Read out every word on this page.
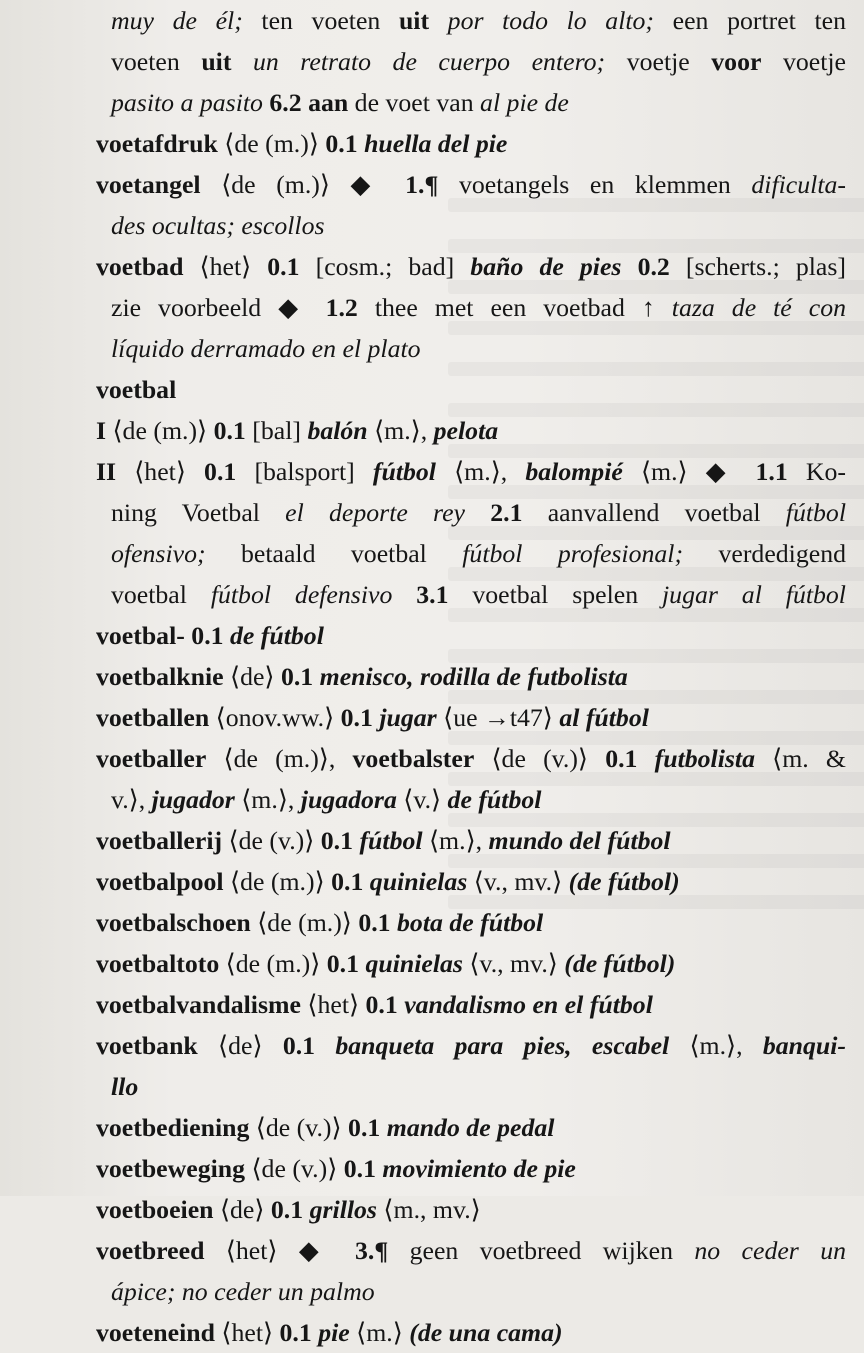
muy de él; ten voeten uit por todo lo alto; een portret ten
voeten uit un retrato de cuerpo entero; voetje voor voetje
pasito a pasito 6.2 aan de voet van al pie de
voetafdruk ⟨de (m.)⟩ 0.1 huella del pie
voetangel ⟨de (m.)⟩ ◆ 1.¶ voetangels en klemmen dificulta-
des ocultas; escollos
voetbad ⟨het⟩ 0.1 [cosm.; bad] baño de pies 0.2 [scherts.; plas]
zie voorbeeld ◆ 1.2 thee met een voetbad ↑ taza de té con
líquido derramado en el plato
voetbal
I ⟨de (m.)⟩ 0.1 [bal] balón ⟨m.⟩, pelota
II ⟨het⟩ 0.1 [balsport] fútbol ⟨m.⟩, balompié ⟨m.⟩ ◆ 1.1 Ko-
ning Voetbal el deporte rey 2.1 aanvallend voetbal fútbol
ofensivo; betaald voetbal fútbol profesional; verdedigend
voetbal fútbol defensivo 3.1 voetbal spelen jugar al fútbol
voetbal- 0.1 de fútbol
voetbalknie ⟨de⟩ 0.1 menisco, rodilla de futbolista
voetballen ⟨onov.ww.⟩ 0.1 jugar ⟨ue →t47⟩ al fútbol
voetballer ⟨de (m.)⟩, voetbalster ⟨de (v.)⟩ 0.1 futbolista ⟨m. &
v.⟩, jugador ⟨m.⟩, jugadora ⟨v.⟩ de fútbol
voetballerij ⟨de (v.)⟩ 0.1 fútbol ⟨m.⟩, mundo del fútbol
voetbalpool ⟨de (m.)⟩ 0.1 quinielas ⟨v., mv.⟩ (de fútbol)
voetbalschoen ⟨de (m.)⟩ 0.1 bota de fútbol
voetbaltoto ⟨de (m.)⟩ 0.1 quinielas ⟨v., mv.⟩ (de fútbol)
voetbalvandalisme ⟨het⟩ 0.1 vandalismo en el fútbol
voetbank ⟨de⟩ 0.1 banqueta para pies, escabel ⟨m.⟩, banqui-
llo
voetbediening ⟨de (v.)⟩ 0.1 mando de pedal
voetbeweging ⟨de (v.)⟩ 0.1 movimiento de pie
voetboeien ⟨de⟩ 0.1 grillos ⟨m., mv.⟩
voetbreed ⟨het⟩ ◆ 3.¶ geen voetbreed wijken no ceder un
ápice; no ceder un palmo
voeteneind ⟨het⟩ 0.1 pie ⟨m.⟩ (de una cama)
